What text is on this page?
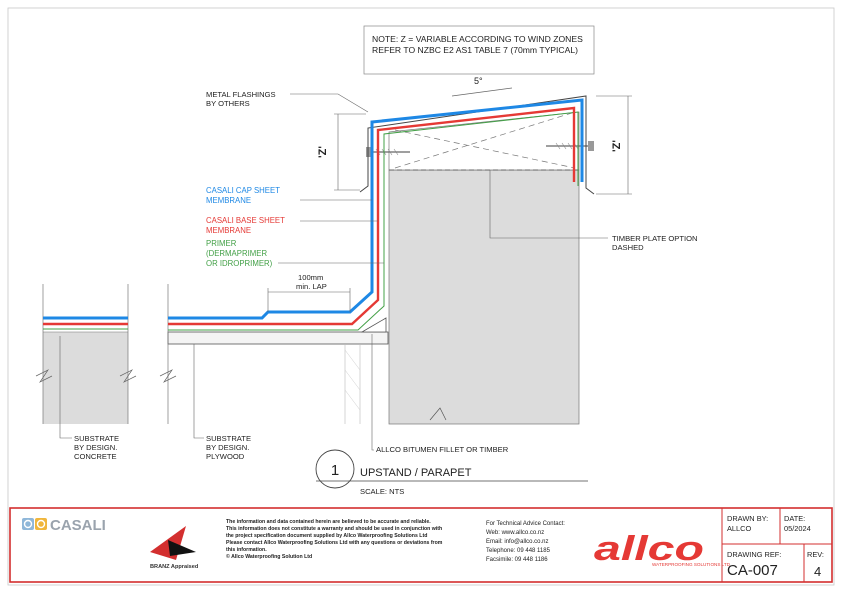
NOTE: Z = VARIABLE ACCORDING TO WIND ZONES
REFER TO NZBC E2 AS1 TABLE 7 (70mm TYPICAL)
'Z'
'Z'
5°
METAL FLASHINGS
BY OTHERS
CASALI CAP SHEET
MEMBRANE
CASALI BASE SHEET
MEMBRANE
PRIMER
(DERMAPRIMER
OR IDROPRIMER)
100mm
min. LAP
TIMBER PLATE OPTION
DASHED
SUBSTRATE
BY DESIGN.
CONCRETE
SUBSTRATE
BY DESIGN.
PLYWOOD
ALLCO BITUMEN FILLET OR TIMBER
1 UPSTAND / PARAPET
SCALE: NTS
CASALI
BRANZ Appraised
The information and data contained herein are believed to be accurate and reliable.
This information does not constitute a warranty and should be used in conjunction with
the project specification document supplied by Allco Waterproofing Solutions Ltd
Please contact Allco Waterproofing Solutions Ltd with any questions or deviations from
this information.
© Allco Waterproofing Solution Ltd
For Technical Advice Contact:
Web: www.allco.co.nz
Email: info@allco.co.nz
Telephone: 09 448 1185
Facsimile: 09 448 1186 allco
WATERPROOFING SOLUTIONS LTD
DRAWN BY:
ALLCO
DATE:
05/2024
DRAWING REF:
CA-007
REV:
4
